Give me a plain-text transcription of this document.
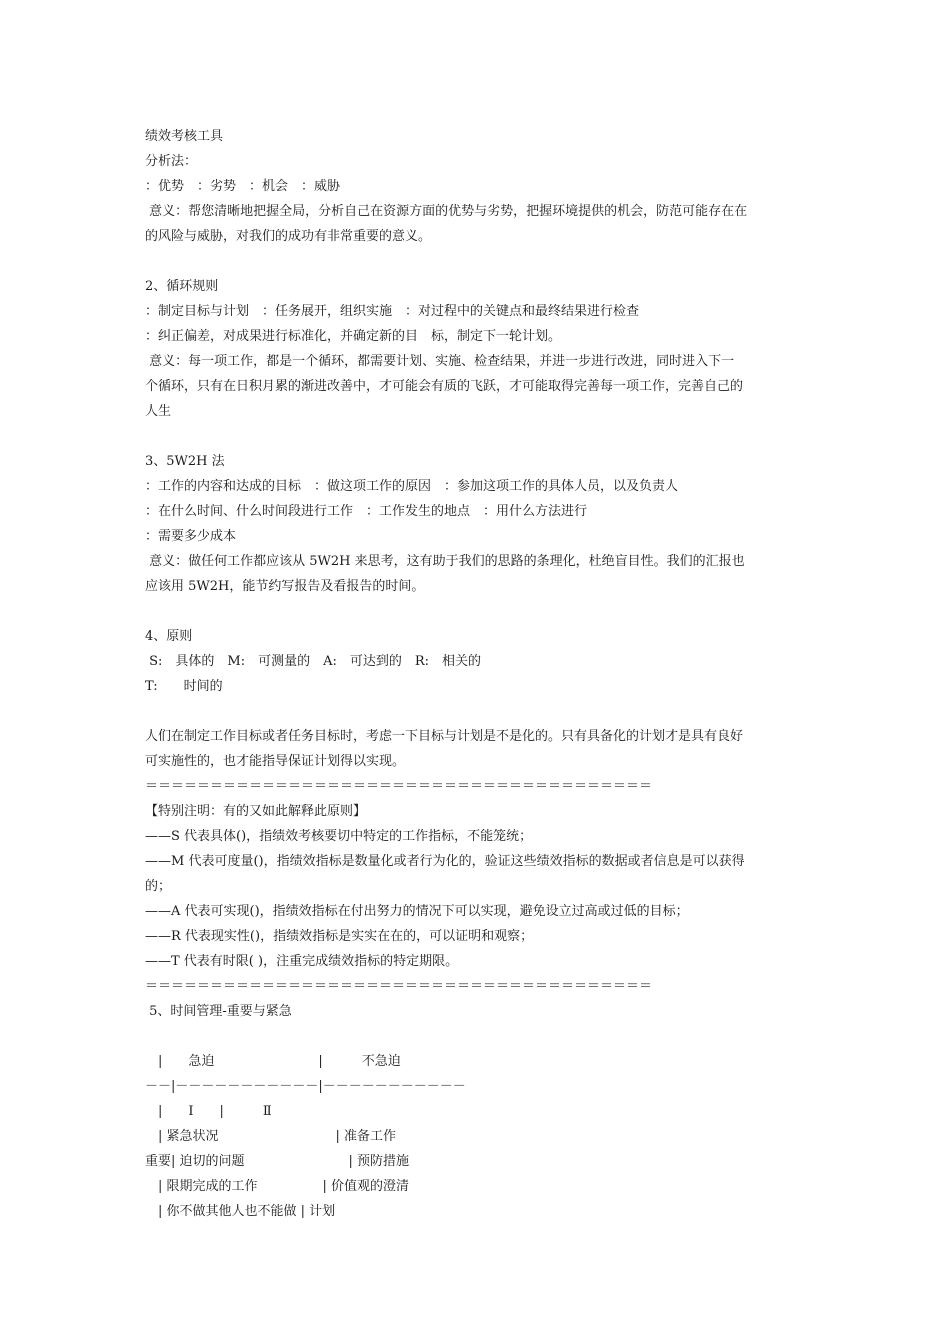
绩效考核工具
分析法：
：优势　：劣势　：机会　：威胁
意义：帮您清晰地把握全局，分析自己在资源方面的优势与劣势，把握环境提供的机会，防范可能存在在
的风险与威胁，对我们的成功有非常重要的意义。
2、循环规则
：制定目标与计划　：任务展开，组织实施　：对过程中的关键点和最终结果进行检查
：纠正偏差，对成果进行标准化，并确定新的目　标，制定下一轮计划。
意义：每一项工作，都是一个循环，都需要计划、实施、检查结果，并进一步进行改进，同时进入下一
个循环，只有在日积月累的渐进改善中，才可能会有质的飞跃，才可能取得完善每一项工作，完善自己的
人生
3、5W2H 法
：工作的内容和达成的目标　：做这项工作的原因　：参加这项工作的具体人员，以及负责人
：在什么时间、什么时间段进行工作　：工作发生的地点　：用什么方法进行
：需要多少成本
意义：做任何工作都应该从 5W2H 来思考，这有助于我们的思路的条理化，杜绝盲目性。我们的汇报也
应该用 5W2H，能节约写报告及看报告的时间。
4、原则
S:　具体的　M:　可测量的　A:　可达到的　R:　相关的
T:　　时间的
人们在制定工作目标或者任务目标时，考虑一下目标与计划是不是化的。只有具备化的计划才是具有良好
可实施性的，也才能指导保证计划得以实现。
＝＝＝＝＝＝＝＝＝＝＝＝＝＝＝＝＝＝＝＝＝＝＝＝＝＝＝＝＝＝＝＝＝＝＝＝＝＝＝
【特别注明：有的又如此解释此原则】
——S 代表具体()，指绩效考核要切中特定的工作指标，不能笼统；
——M 代表可度量()，指绩效指标是数量化或者行为化的，验证这些绩效指标的数据或者信息是可以获得
的；
——A 代表可实现()，指绩效指标在付出努力的情况下可以实现，避免设立过高或过低的目标；
——R 代表现实性()，指绩效指标是实实在在的，可以证明和观察；
——T 代表有时限( )，注重完成绩效指标的特定期限。
＝＝＝＝＝＝＝＝＝＝＝＝＝＝＝＝＝＝＝＝＝＝＝＝＝＝＝＝＝＝＝＝＝＝＝＝＝＝＝
5、时间管理-重要与紧急
　|　　急迫　　　　　　　　|　　　不急迫
－－|－－－－－－－－－－－|－－－－－－－－－－－
　|　　Ⅰ　　|　　　Ⅱ
　| 紧急状况　　　　　　　　　| 准备工作
重要| 迫切的问题　　　　　　　　| 预防措施
　| 限期完成的工作　　　　　| 价值观的澄清
　| 你不做其他人也不能做 | 计划
